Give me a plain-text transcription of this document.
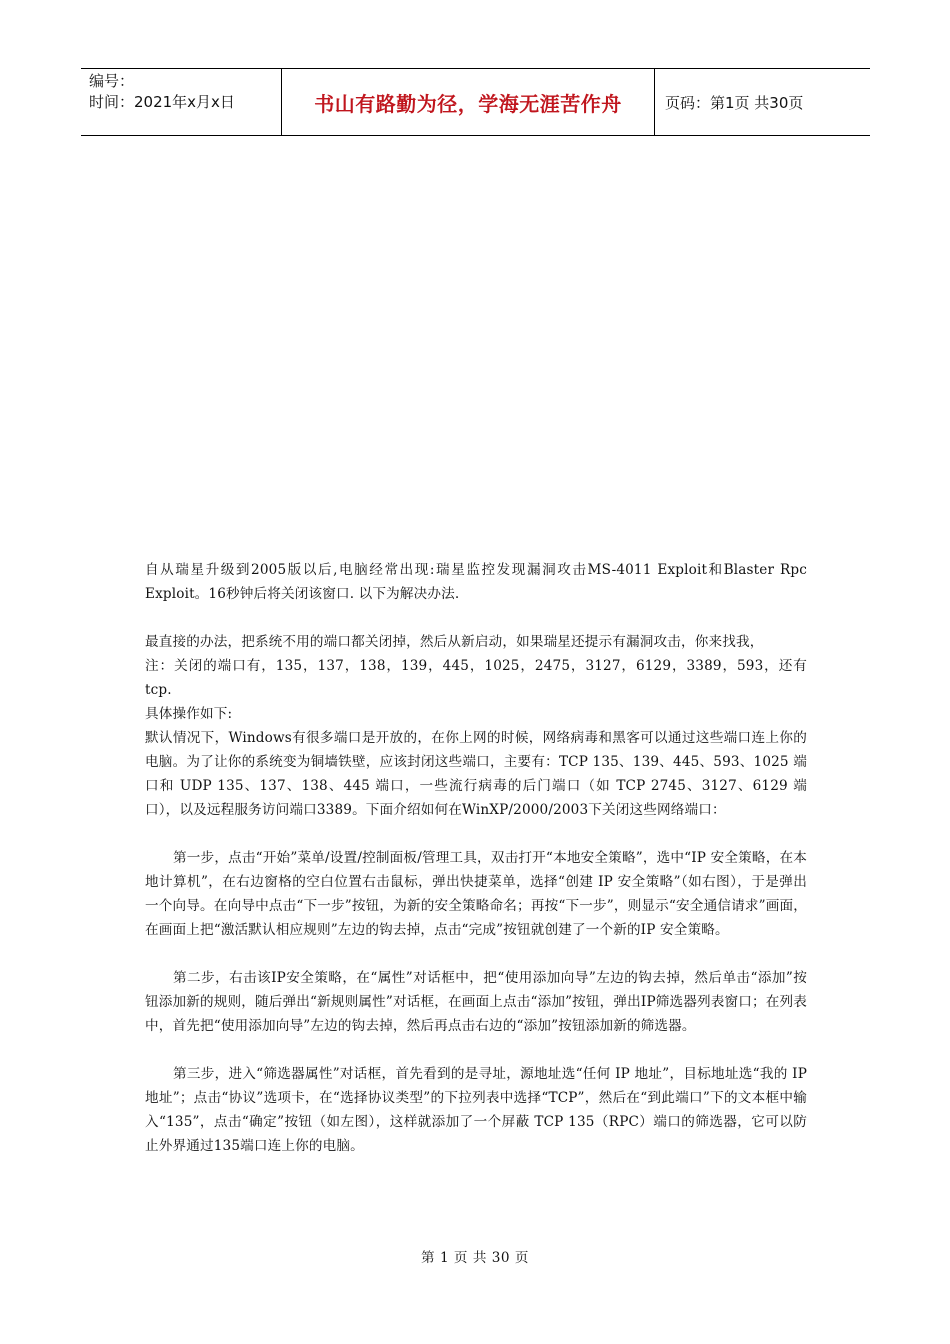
编号：
时间：2021年x月x日	书山有路勤为径，学海无涯苦作舟	页码：第1页 共30页

自从瑞星升级到2005版以后,电脑经常出现:瑞星监控发现漏洞攻击MS-4011 Exploit和Blaster Rpc Exploit。16秒钟后将关闭该窗口. 以下为解决办法.

最直接的办法，把系统不用的端口都关闭掉，然后从新启动，如果瑞星还提示有漏洞攻击，你来找我，

注：关闭的端口有，135，137，138，139，445，1025，2475，3127，6129，3389，593，还有tcp.

具体操作如下:

默认情况下，Windows有很多端口是开放的，在你上网的时候，网络病毒和黑客可以通过这些端口连上你的电脑。为了让你的系统变为铜墙铁壁，应该封闭这些端口，主要有：TCP 135、139、445、593、1025 端口和 UDP 135、137、138、445 端口，一些流行病毒的后门端口（如 TCP 2745、3127、6129 端口），以及远程服务访问端口3389。下面介绍如何在WinXP/2000/2003下关闭这些网络端口：

第一步，点击“开始”菜单/设置/控制面板/管理工具，双击打开“本地安全策略”，选中“IP 安全策略，在本地计算机”，在右边窗格的空白位置右击鼠标，弹出快捷菜单，选择“创建 IP 安全策略”（如右图），于是弹出一个向导。在向导中点击“下一步”按钮，为新的安全策略命名；再按“下一步”，则显示“安全通信请求”画面，在画面上把“激活默认相应规则”左边的钩去掉，点击“完成”按钮就创建了一个新的IP 安全策略。

第二步，右击该IP安全策略，在“属性”对话框中，把“使用添加向导”左边的钩去掉，然后单击“添加”按钮添加新的规则，随后弹出“新规则属性”对话框，在画面上点击“添加”按钮，弹出IP筛选器列表窗口；在列表中，首先把“使用添加向导”左边的钩去掉，然后再点击右边的“添加”按钮添加新的筛选器。

第三步，进入“筛选器属性”对话框，首先看到的是寻址，源地址选“任何 IP 地址”，目标地址选“我的 IP 地址”；点击“协议”选项卡，在“选择协议类型”的下拉列表中选择“TCP”，然后在“到此端口”下的文本框中输入“135”，点击“确定”按钮（如左图），这样就添加了一个屏蔽 TCP 135（RPC）端口的筛选器，它可以防止外界通过135端口连上你的电脑。

第 1 页 共 30 页
